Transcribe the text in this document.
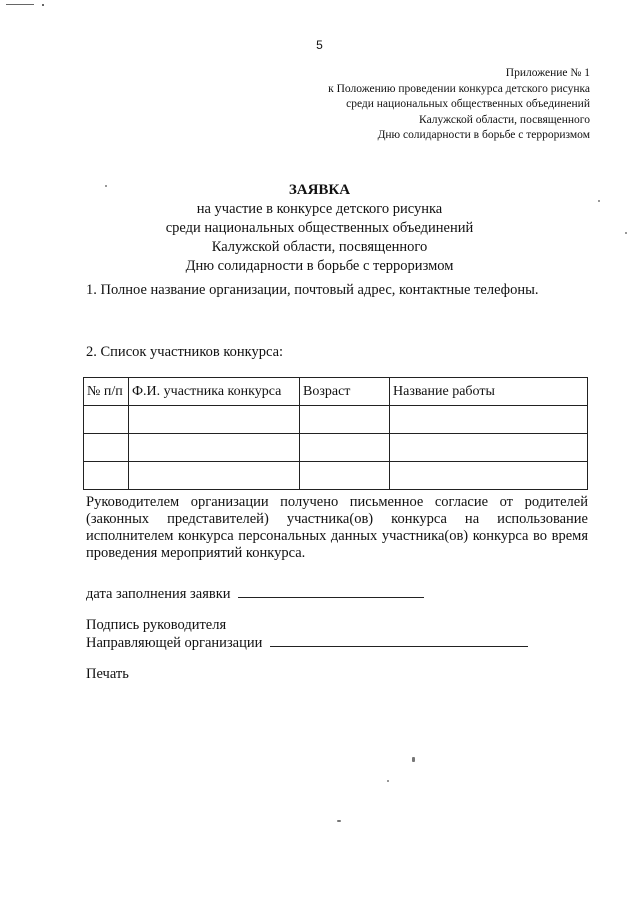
5
Приложение № 1
к Положению проведении конкурса детского рисунка
среди национальных общественных объединений
Калужской области, посвященного
Дню солидарности в борьбе с терроризмом
ЗАЯВКА
на участие в конкурсе детского рисунка
среди национальных общественных объединений
Калужской области, посвященного
Дню солидарности в борьбе с терроризмом
1. Полное название организации, почтовый адрес, контактные телефоны.
2. Список участников конкурса:
№ п/п	Ф.И. участника конкурса	Возраст	Название работы

Руководителем организации получено письменное согласие от родителей
(законных представителей) участника(ов) конкурса на использование
исполнителем конкурса персональных данных участника(ов) конкурса во время
проведения мероприятий конкурса.
дата заполнения заявки
Подпись руководителя
Направляющей организации
Печать
